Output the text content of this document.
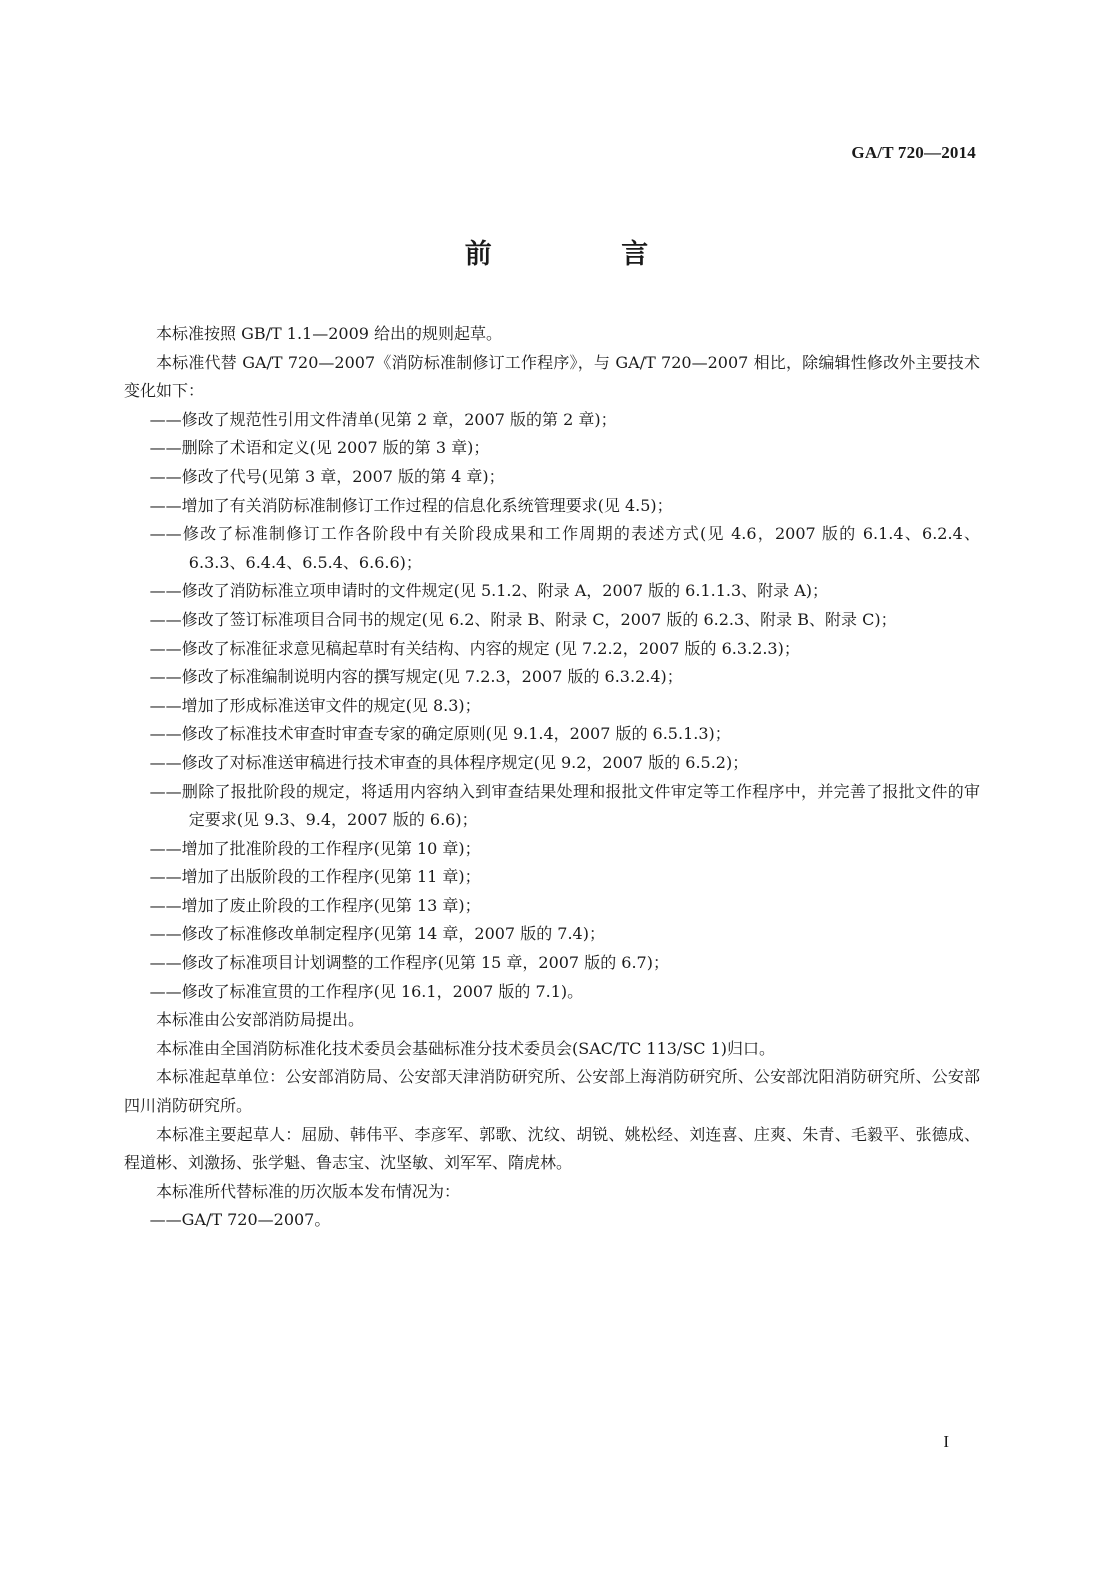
GA/T 720—2014
前 言

本标准按照 GB/T 1.1—2009 给出的规则起草。

本标准代替 GA/T 720—2007《消防标准制修订工作程序》，与 GA/T 720—2007 相比，除编辑性修改外主要技术变化如下：

——修改了规范性引用文件清单(见第 2 章，2007 版的第 2 章)；

——删除了术语和定义(见 2007 版的第 3 章)；

——修改了代号(见第 3 章，2007 版的第 4 章)；

——增加了有关消防标准制修订工作过程的信息化系统管理要求(见 4.5)；

——修改了标准制修订工作各阶段中有关阶段成果和工作周期的表述方式(见 4.6，2007 版的 6.1.4、6.2.4、6.3.3、6.4.4、6.5.4、6.6.6)；

——修改了消防标准立项申请时的文件规定(见 5.1.2、附录 A，2007 版的 6.1.1.3、附录 A)；

——修改了签订标准项目合同书的规定(见 6.2、附录 B、附录 C，2007 版的 6.2.3、附录 B、附录 C)；

——修改了标准征求意见稿起草时有关结构、内容的规定 (见 7.2.2，2007 版的 6.3.2.3)；

——修改了标准编制说明内容的撰写规定(见 7.2.3，2007 版的 6.3.2.4)；

——增加了形成标准送审文件的规定(见 8.3)；

——修改了标准技术审查时审查专家的确定原则(见 9.1.4，2007 版的 6.5.1.3)；

——修改了对标准送审稿进行技术审查的具体程序规定(见 9.2，2007 版的 6.5.2)；

——删除了报批阶段的规定，将适用内容纳入到审查结果处理和报批文件审定等工作程序中，并完善了报批文件的审定要求(见 9.3、9.4，2007 版的 6.6)；

——增加了批准阶段的工作程序(见第 10 章)；

——增加了出版阶段的工作程序(见第 11 章)；

——增加了废止阶段的工作程序(见第 13 章)；

——修改了标准修改单制定程序(见第 14 章，2007 版的 7.4)；

——修改了标准项目计划调整的工作程序(见第 15 章，2007 版的 6.7)；

——修改了标准宣贯的工作程序(见 16.1，2007 版的 7.1)。

本标准由公安部消防局提出。

本标准由全国消防标准化技术委员会基础标准分技术委员会(SAC/TC 113/SC 1)归口。

本标准起草单位：公安部消防局、公安部天津消防研究所、公安部上海消防研究所、公安部沈阳消防研究所、公安部四川消防研究所。

本标准主要起草人：屈励、韩伟平、李彦军、郭歌、沈纹、胡锐、姚松经、刘连喜、庄爽、朱青、毛毅平、张德成、程道彬、刘激扬、张学魁、鲁志宝、沈坚敏、刘军军、隋虎林。

本标准所代替标准的历次版本发布情况为：

——GA/T 720—2007。

I
